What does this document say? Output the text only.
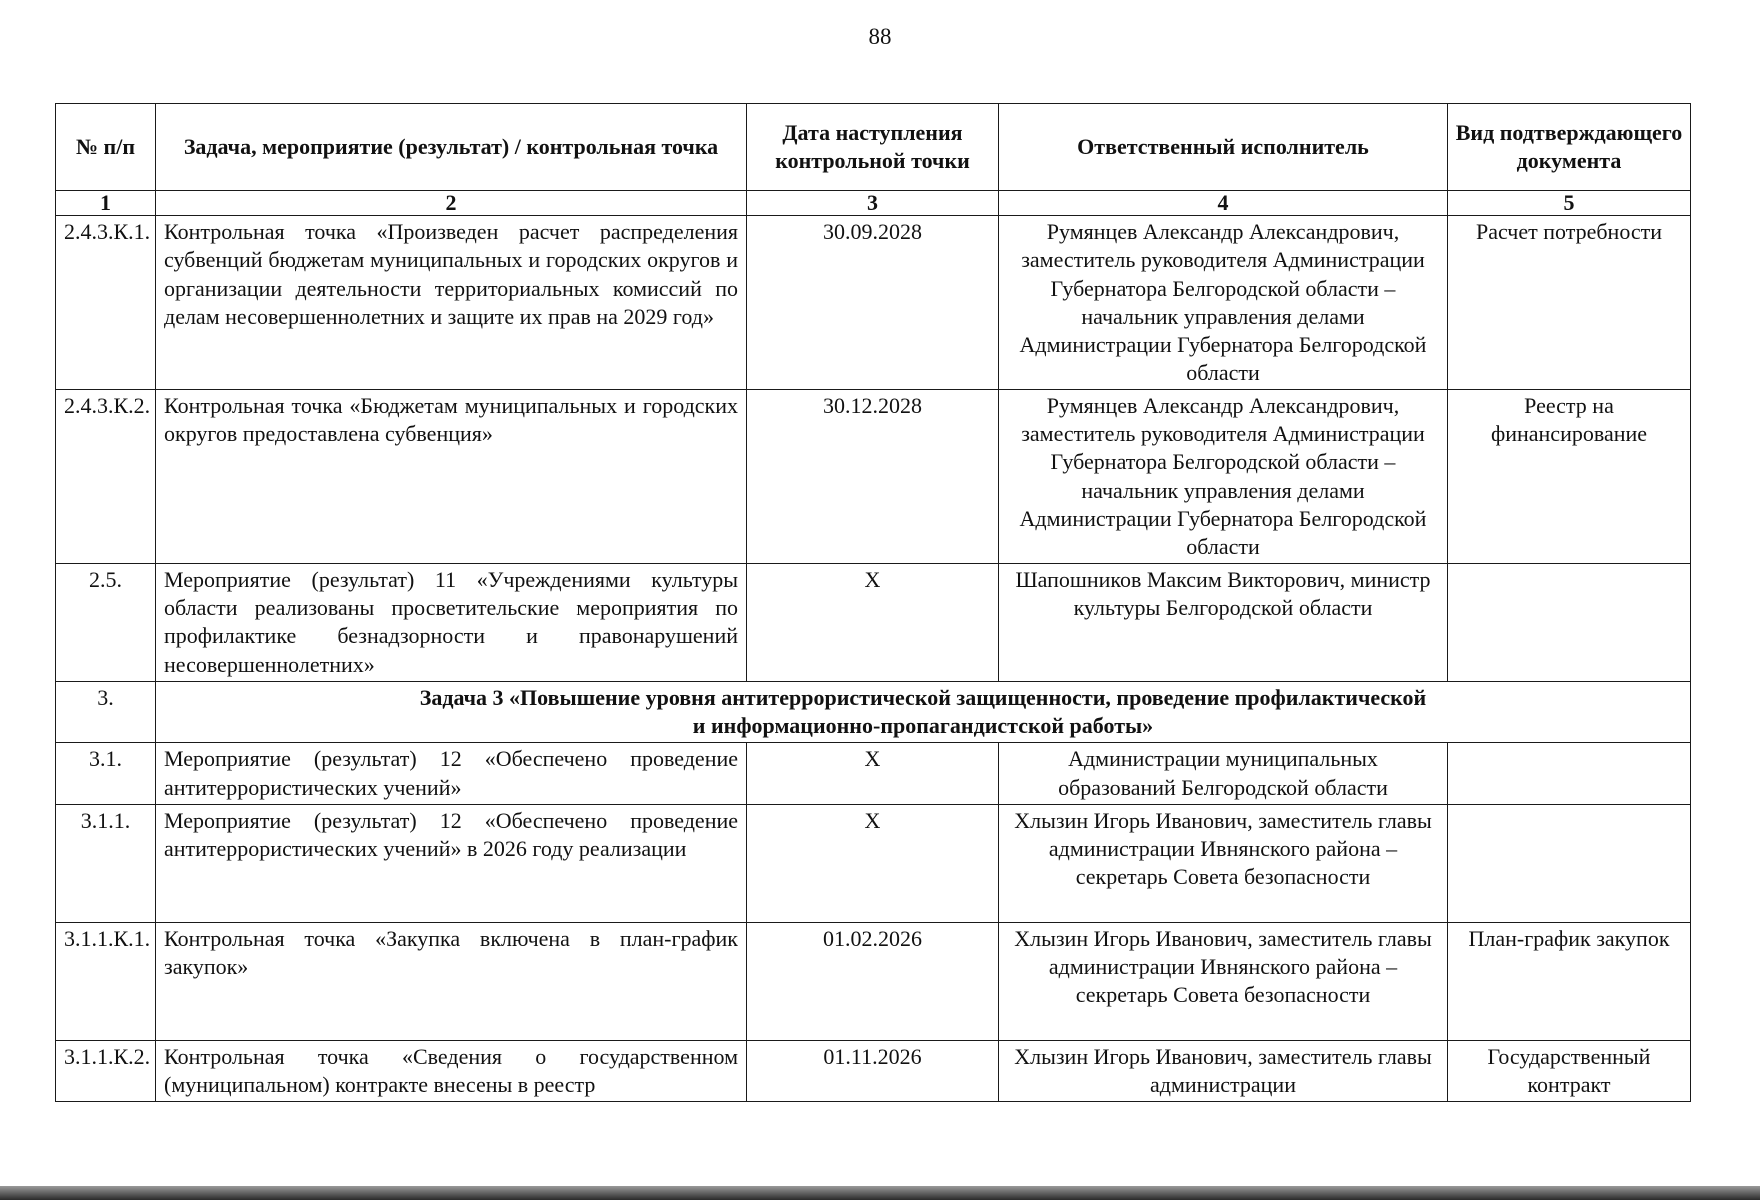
88
№ п/п	Задача, мероприятие (результат) / контрольная точка	Дата наступления контрольной точки	Ответственный исполнитель	Вид подтверждающего документа
1	2	3	4	5
2.4.3.К.1.	Контрольная точка «Произведен расчет распределения субвенций бюджетам муниципальных и городских округов и организации деятельности территориальных комиссий по делам несовершеннолетних и защите их прав на 2029 год»	30.09.2028	Румянцев Александр Александрович, заместитель руководителя Администрации Губернатора Белгородской области – начальник управления делами Администрации Губернатора Белгородской области	Расчет потребности
2.4.3.К.2.	Контрольная точка «Бюджетам муниципальных и городских округов предоставлена субвенция»	30.12.2028	Румянцев Александр Александрович, заместитель руководителя Администрации Губернатора Белгородской области – начальник управления делами Администрации Губернатора Белгородской области	Реестр на финансирование
2.5.	Мероприятие (результат) 11 «Учреждениями культуры области реализованы просветительские мероприятия по профилактике безнадзорности и правонарушений несовершеннолетних»	Х	Шапошников Максим Викторович, министр культуры Белгородской области	
3.	Задача 3 «Повышение уровня антитеррористической защищенности, проведение профилактической
и информационно-пропагандистской работы»			

3.1.	Мероприятие (результат) 12 «Обеспечено проведение антитеррористических учений»	Х	Администрации муниципальных образований Белгородской области	
3.1.1.	Мероприятие (результат) 12 «Обеспечено проведение антитеррористических учений» в 2026 году реализации	Х	Хлызин Игорь Иванович, заместитель главы администрации Ивнянского района – секретарь Совета безопасности	
3.1.1.К.1.	Контрольная точка «Закупка включена в план-график закупок»	01.02.2026	Хлызин Игорь Иванович, заместитель главы администрации Ивнянского района – секретарь Совета безопасности	План-график закупок
3.1.1.К.2.	Контрольная точка «Сведения о государственном (муниципальном) контракте внесены в реестр	01.11.2026	Хлызин Игорь Иванович, заместитель главы администрации	Государственный контракт
